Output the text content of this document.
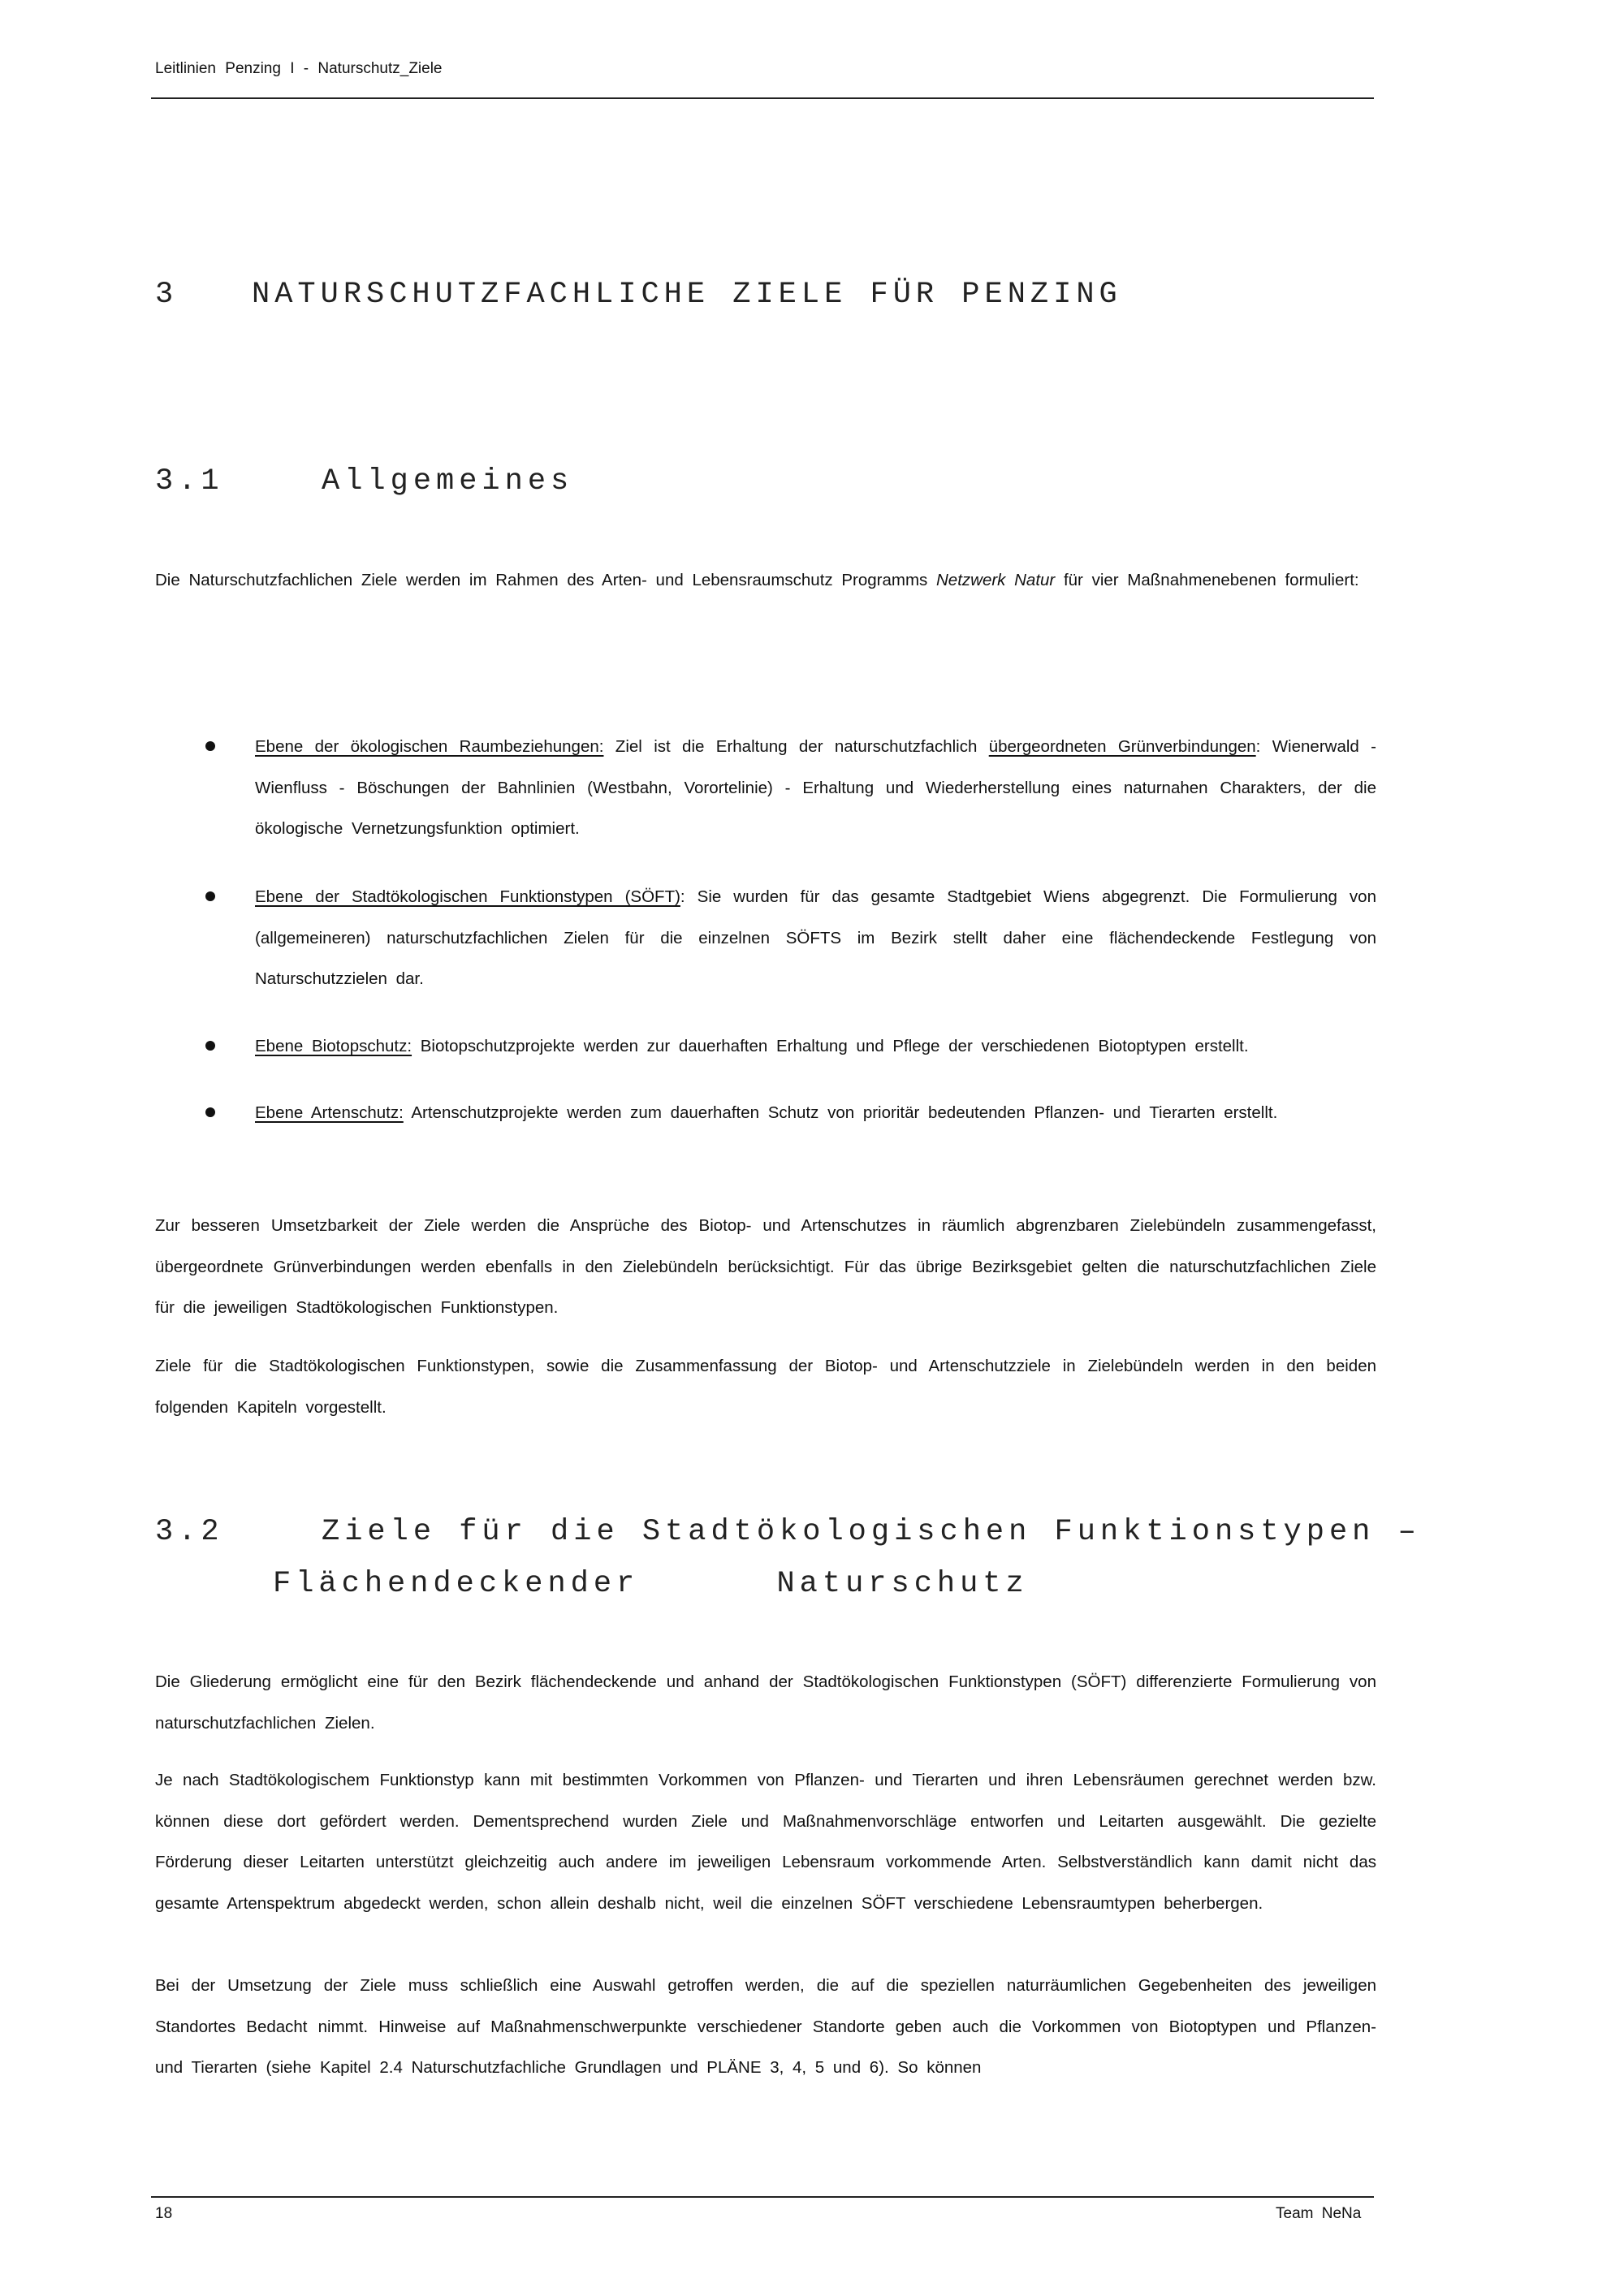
Leitlinien Penzing I - Naturschutz_Ziele

3

NATURSCHUTZFACHLICHE ZIELE FÜR PENZING

3.1

	Allgemeines

Die Naturschutzfachlichen Ziele werden im Rahmen des Arten- und Lebensraumschutz Programms Netzwerk Natur für vier Maßnahmenebenen formuliert:

Ebene der ökologischen Raumbeziehungen: Ziel ist die Erhaltung der naturschutzfachlich übergeordneten Grünverbindungen: Wienerwald - Wienfluss - Böschungen der Bahnlinien (Westbahn, Vorortelinie) - Erhaltung und Wiederherstellung eines naturnahen Charakters, der die ökologische Vernetzungsfunktion optimiert.

Ebene der Stadtökologischen Funktionstypen (SÖFT): Sie wurden für das gesamte Stadtgebiet Wiens abgegrenzt. Die Formulierung von (allgemeineren) naturschutzfachlichen Zielen für die einzelnen SÖFTS im Bezirk stellt daher eine flächendeckende Festlegung von Naturschutzzielen dar.

Ebene Biotopschutz: Biotopschutzprojekte werden zur dauerhaften Erhaltung und Pflege der verschiedenen Biotoptypen erstellt.

Ebene Artenschutz: Artenschutzprojekte werden zum dauerhaften Schutz von prioritär bedeutenden Pflanzen- und Tierarten erstellt.

Zur besseren Umsetzbarkeit der Ziele werden die Ansprüche des Biotop- und Artenschutzes in räumlich abgrenzbaren Zielebündeln zusammengefasst, übergeordnete Grünverbindungen werden ebenfalls in den Zielebündeln berücksichtigt. Für das übrige Bezirksgebiet gelten die naturschutzfachlichen Ziele für die jeweiligen Stadtökologischen Funktionstypen.

Ziele für die Stadtökologischen Funktionstypen, sowie die Zusammenfassung der Biotop- und Artenschutzziele in Zielebündeln werden in den beiden folgenden Kapiteln vorgestellt.

3.2

	Ziele für die Stadtökologischen Funktionstypen –

Flächendeckender      Naturschutz

Die Gliederung ermöglicht eine für den Bezirk flächendeckende und anhand der Stadtökologischen Funktionstypen (SÖFT) differenzierte Formulierung von naturschutzfachlichen Zielen.

Je nach Stadtökologischem Funktionstyp kann mit bestimmten Vorkommen von Pflanzen- und Tierarten und ihren Lebensräumen gerechnet werden bzw. können diese dort gefördert werden. Dementsprechend wurden Ziele und Maßnahmenvorschläge entworfen und Leitarten ausgewählt. Die gezielte Förderung dieser Leitarten unterstützt gleichzeitig auch andere im jeweiligen Lebensraum vorkommende Arten. Selbstverständlich kann damit nicht das gesamte Artenspektrum abgedeckt werden, schon allein deshalb nicht, weil die einzelnen SÖFT verschiedene Lebensraumtypen beherbergen.

Bei der Umsetzung der Ziele muss schließlich eine Auswahl getroffen werden, die auf die speziellen naturräumlichen Gegebenheiten des jeweiligen Standortes Bedacht nimmt. Hinweise auf Maßnahmenschwerpunkte verschiedener Standorte geben auch die Vorkommen von Biotoptypen und Pflanzen- und Tierarten (siehe Kapitel 2.4 Naturschutzfachliche Grundlagen und PLÄNE 3, 4, 5 und 6). So können

18	Team NeNa
